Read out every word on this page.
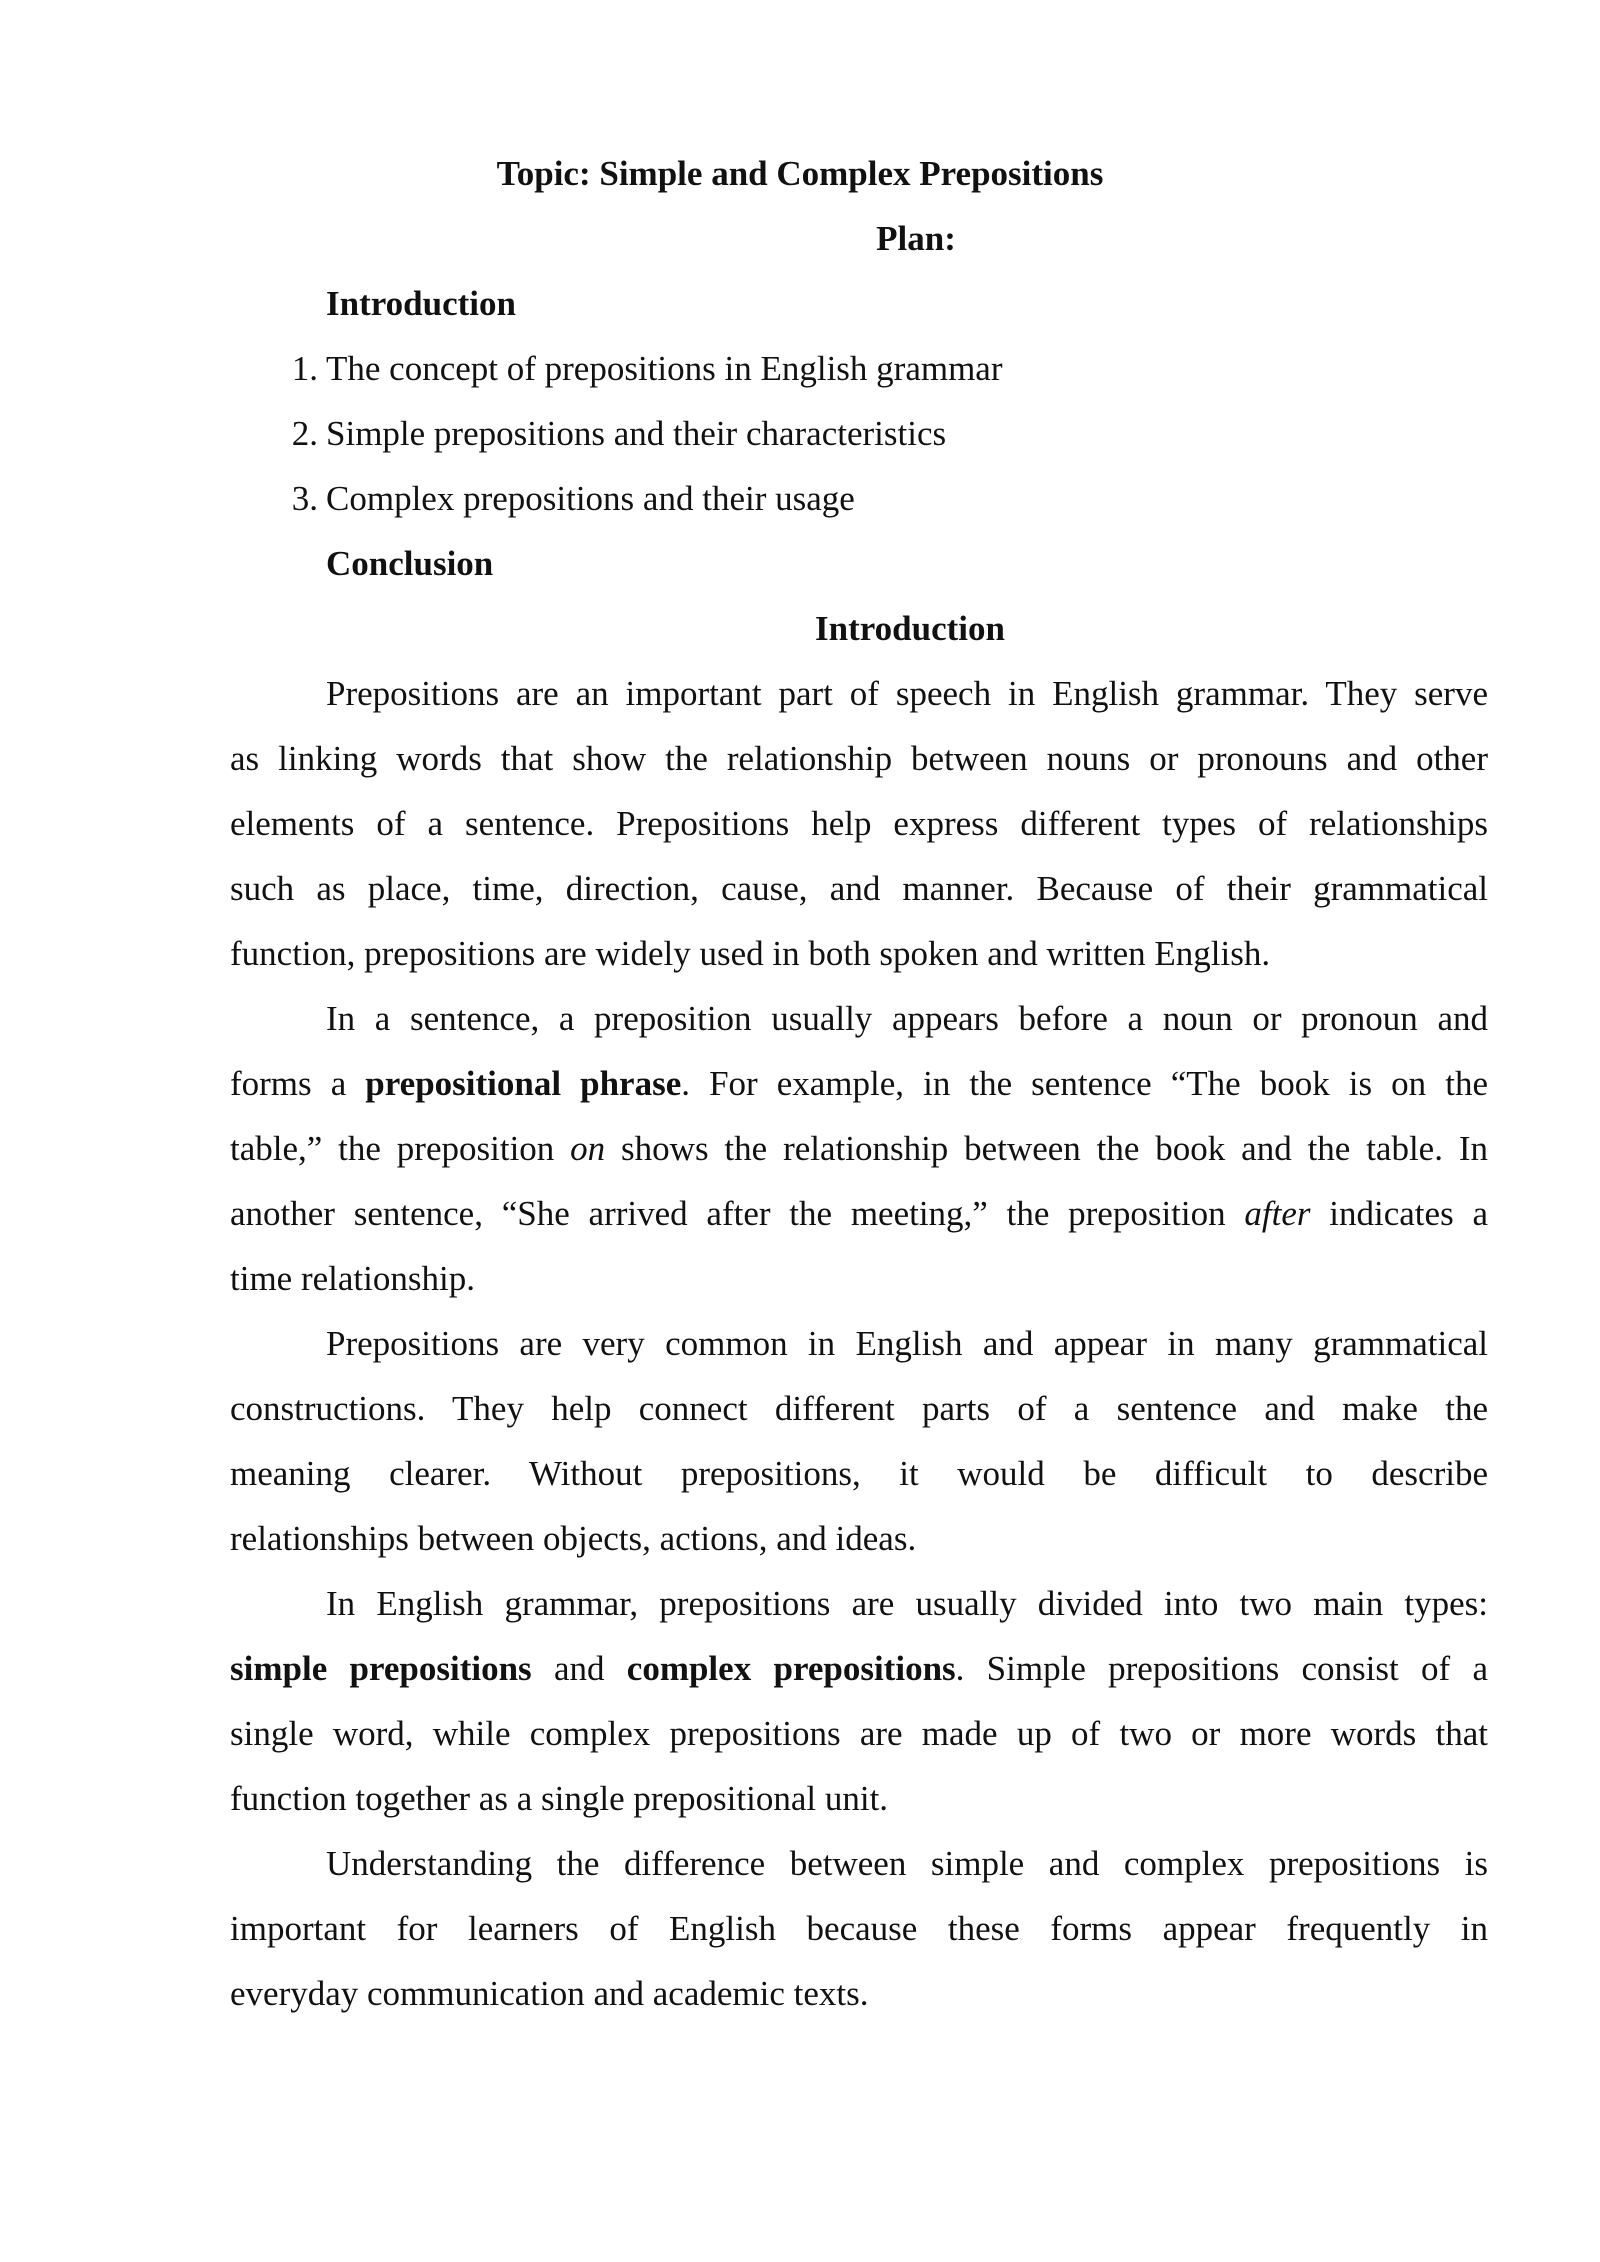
Topic: Simple and Complex Prepositions
Plan:
Introduction
1. The concept of prepositions in English grammar
2. Simple prepositions and their characteristics
3. Complex prepositions and their usage
Conclusion
Introduction
Prepositions are an important part of speech in English grammar. They serve
as linking words that show the relationship between nouns or pronouns and other
elements of a sentence. Prepositions help express different types of relationships
such as place, time, direction, cause, and manner. Because of their grammatical
function, prepositions are widely used in both spoken and written English.
In a sentence, a preposition usually appears before a noun or pronoun and
forms a prepositional phrase. For example, in the sentence “The book is on the
table,” the preposition on shows the relationship between the book and the table. In
another sentence, “She arrived after the meeting,” the preposition after indicates a
time relationship.
Prepositions are very common in English and appear in many grammatical
constructions. They help connect different parts of a sentence and make the
meaning clearer. Without prepositions, it would be difficult to describe
relationships between objects, actions, and ideas.
In English grammar, prepositions are usually divided into two main types:
simple prepositions and complex prepositions. Simple prepositions consist of a
single word, while complex prepositions are made up of two or more words that
function together as a single prepositional unit.
Understanding the difference between simple and complex prepositions is
important for learners of English because these forms appear frequently in
everyday communication and academic texts.
